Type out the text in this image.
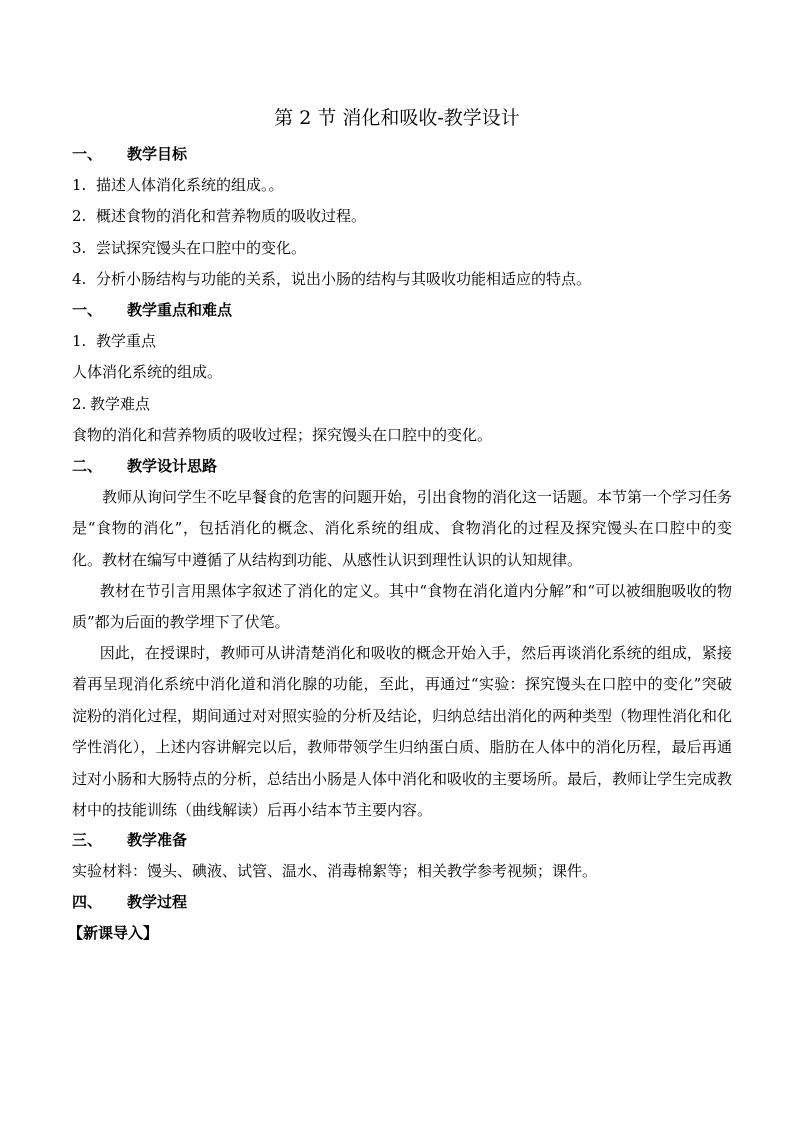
第 2 节 消化和吸收-教学设计
一、 教学目标
1. 描述人体消化系统的组成。。
2. 概述食物的消化和营养物质的吸收过程。
3. 尝试探究馒头在口腔中的变化。
4. 分析小肠结构与功能的关系，说出小肠的结构与其吸收功能相适应的特点。
一、 教学重点和难点
1. 教学重点
人体消化系统的组成。
2. 教学难点
食物的消化和营养物质的吸收过程；探究馒头在口腔中的变化。
二、 教学设计思路
教师从询问学生不吃早餐食的危害的问题开始，引出食物的消化这一话题。本节第一个学习任务是“食物的消化”，包括消化的概念、消化系统的组成、食物消化的过程及探究馒头在口腔中的变化。教材在编写中遵循了从结构到功能、从感性认识到理性认识的认知规律。
教材在节引言用黑体字叙述了消化的定义。其中“食物在消化道内分解”和“可以被细胞吸收的物质”都为后面的教学埋下了伏笔。
因此，在授课时，教师可从讲清楚消化和吸收的概念开始入手，然后再谈消化系统的组成，紧接着再呈现消化系统中消化道和消化腺的功能，至此，再通过“实验：探究馒头在口腔中的变化”突破淀粉的消化过程，期间通过对对照实验的分析及结论，归纳总结出消化的两种类型（物理性消化和化学性消化），上述内容讲解完以后，教师带领学生归纳蛋白质、脂肪在人体中的消化历程，最后再通过对小肠和大肠特点的分析，总结出小肠是人体中消化和吸收的主要场所。最后，教师让学生完成教材中的技能训练（曲线解读）后再小结本节主要内容。
三、 教学准备
实验材料：馒头、碘液、试管、温水、消毒棉絮等；相关教学参考视频；课件。
四、 教学过程
【新课导入】
